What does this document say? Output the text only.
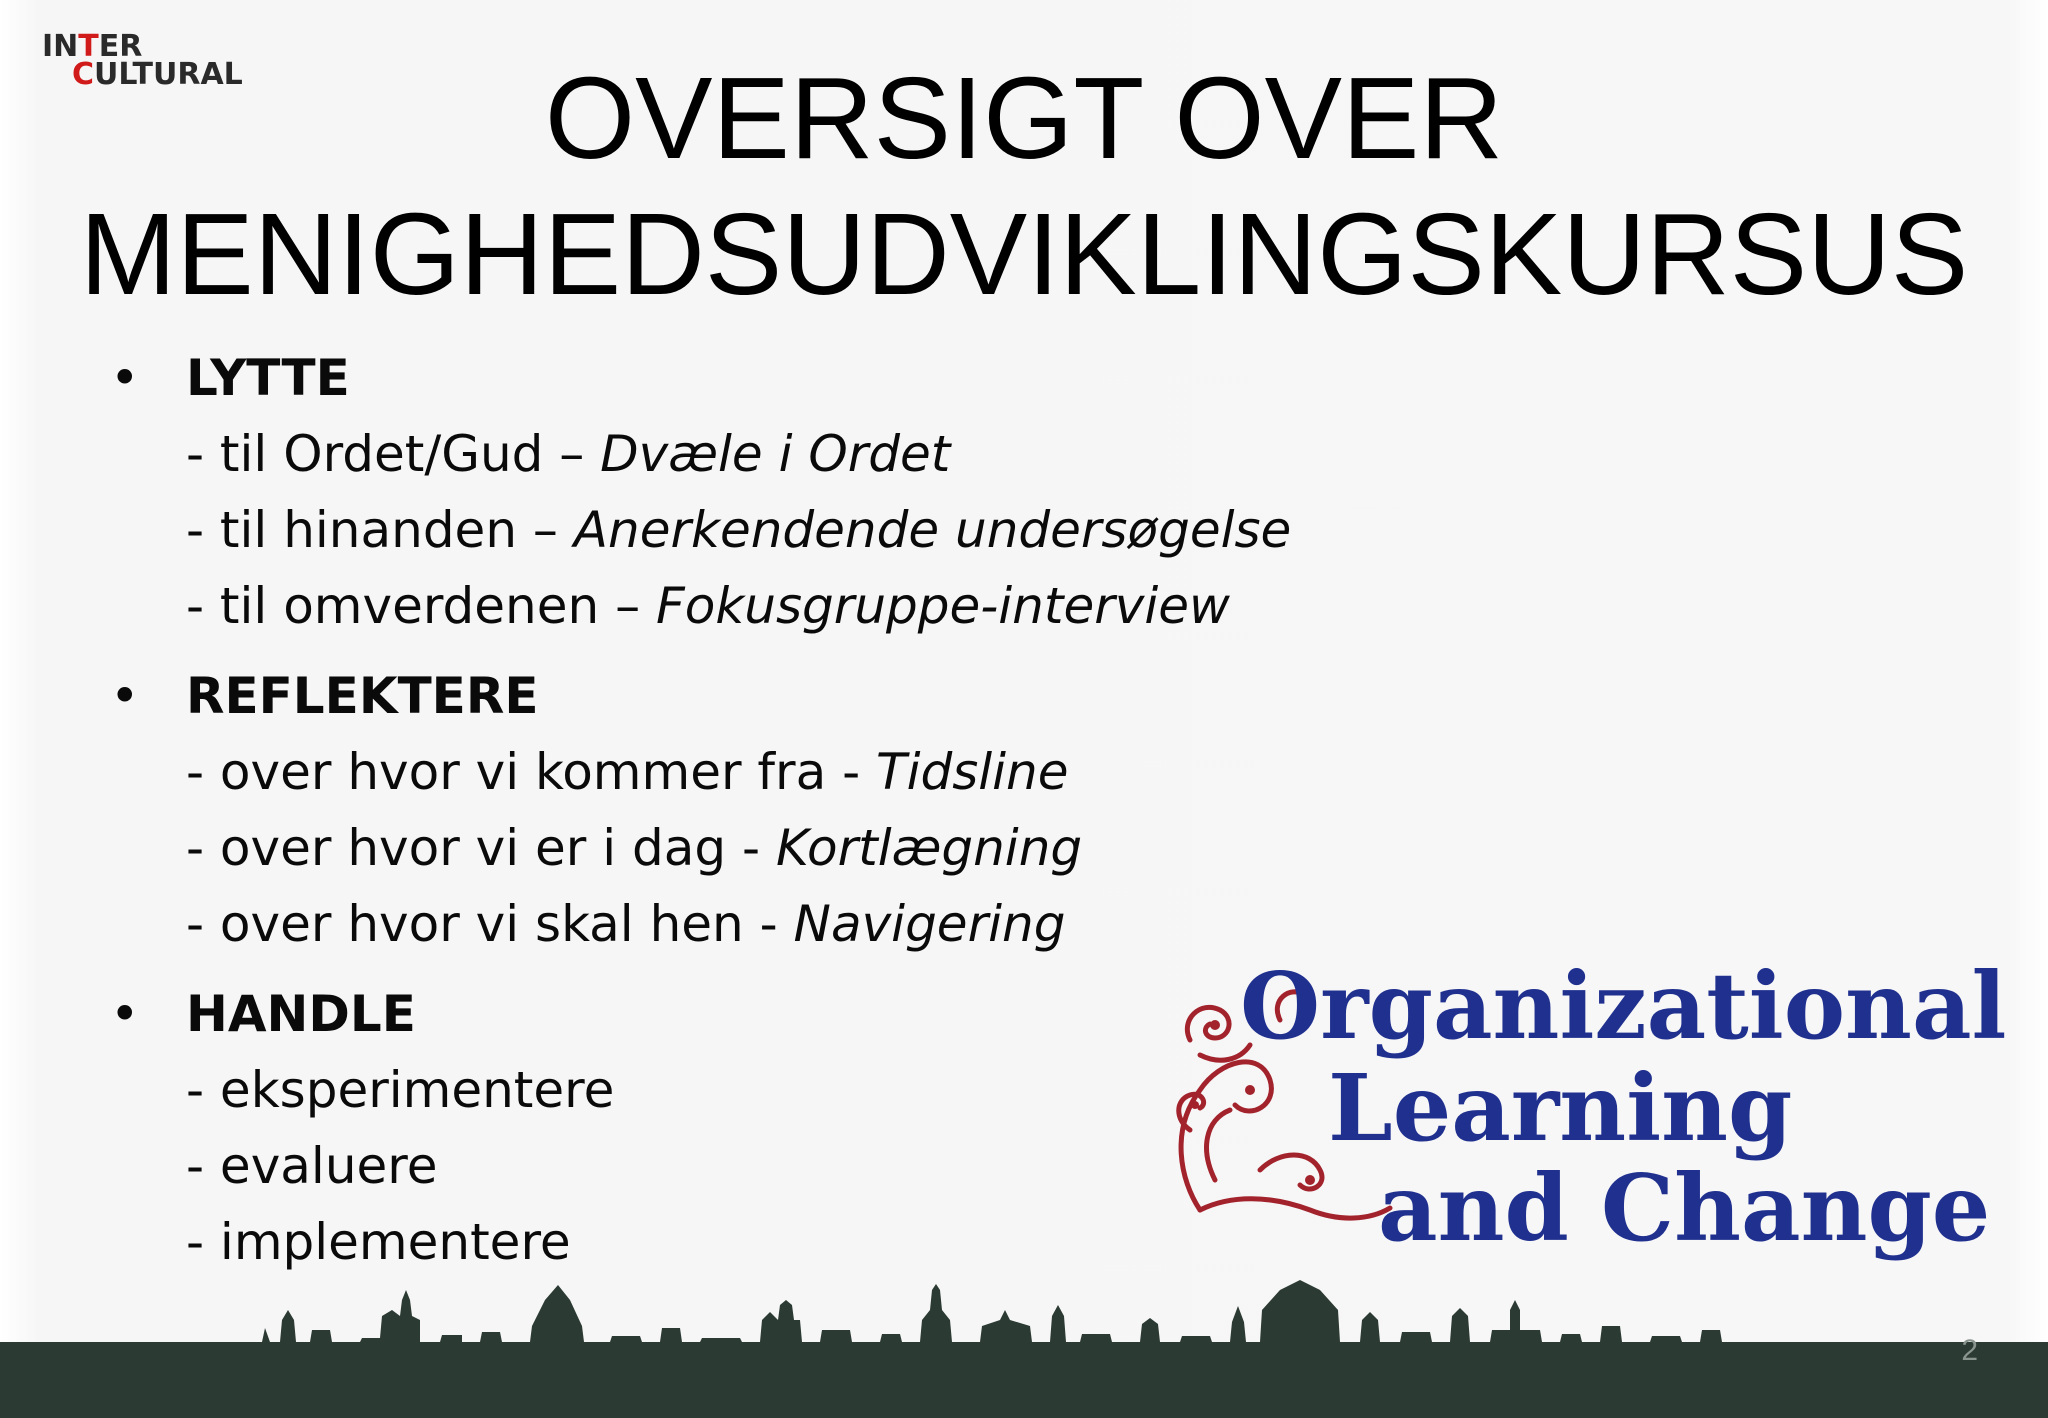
INTER
CULTURAL	OVERSIGT OVER
MENIGHEDSUDVIKLINGSKURSUS
• LYTTE
- til Ordet/Gud – Dvæle i Ordet
- til hinanden – Anerkendende undersøgelse
- til omverdenen – Fokusgruppe-interview
• REFLEKTERE
- over hvor vi kommer fra - Tidsline
- over hvor vi er i dag - Kortlægning
- over hvor vi skal hen - Navigering
• HANDLE
- eksperimentere
- evaluere
- implementere
Organizational
Learning
and Change
2
